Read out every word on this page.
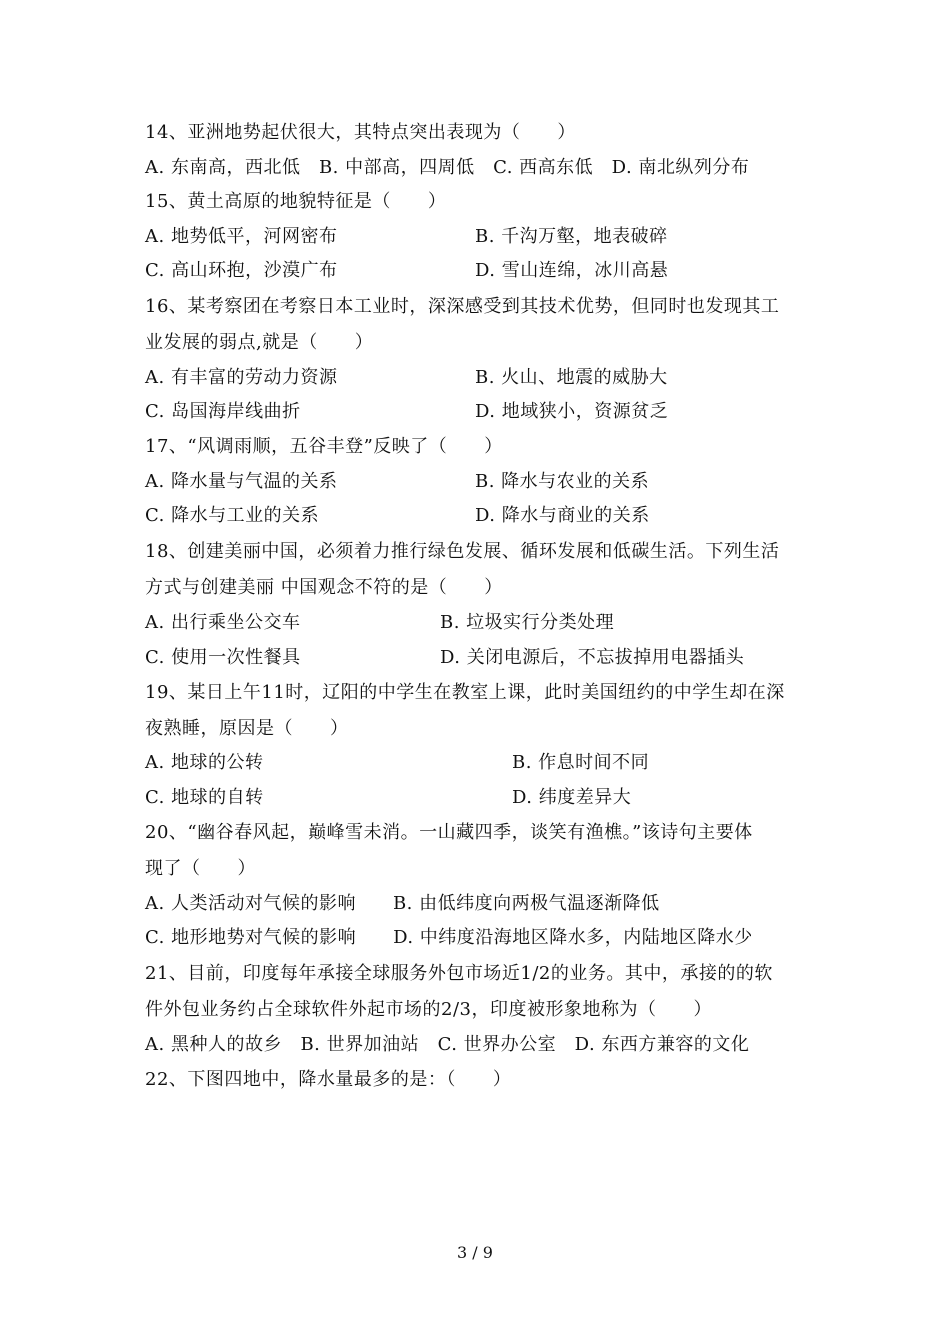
14、亚洲地势起伏很大，其特点突出表现为（　　）
A. 东南高，西北低　B. 中部高，四周低　C. 西高东低　D. 南北纵列分布
15、黄土高原的地貌特征是（　　）
A. 地势低平，河网密布	B. 千沟万壑，地表破碎
C. 高山环抱，沙漠广布	D. 雪山连绵，冰川高悬
16、某考察团在考察日本工业时，深深感受到其技术优势，但同时也发现其工
业发展的弱点,就是（　　）
A. 有丰富的劳动力资源	B. 火山、地震的威胁大
C. 岛国海岸线曲折	D. 地域狭小，资源贫乏
17、“风调雨顺，五谷丰登”反映了（　　）
A. 降水量与气温的关系	B. 降水与农业的关系
C. 降水与工业的关系	D. 降水与商业的关系
18、创建美丽中国，必须着力推行绿色发展、循环发展和低碳生活。下列生活
方式与创建美丽 中国观念不符的是（　　）
A. 出行乘坐公交车	B. 垃圾实行分类处理
C. 使用一次性餐具	D. 关闭电源后，不忘拔掉用电器插头
19、某日上午11时，辽阳的中学生在教室上课，此时美国纽约的中学生却在深
夜熟睡，原因是（　　）
A. 地球的公转	B. 作息时间不同
C. 地球的自转	D. 纬度差异大
20、“幽谷春风起，巅峰雪未消。一山藏四季，谈笑有渔樵。”该诗句主要体
现了（　　）
A. 人类活动对气候的影响　　B. 由低纬度向两极气温逐渐降低
C. 地形地势对气候的影响　　D. 中纬度沿海地区降水多，内陆地区降水少
21、目前，印度每年承接全球服务外包市场近1/2的业务。其中，承接的的软
件外包业务约占全球软件外起市场的2/3，印度被形象地称为（　　）
A. 黑种人的故乡　B. 世界加油站　C. 世界办公室　D. 东西方兼容的文化
22、下图四地中，降水量最多的是：（　　）
3 / 9
